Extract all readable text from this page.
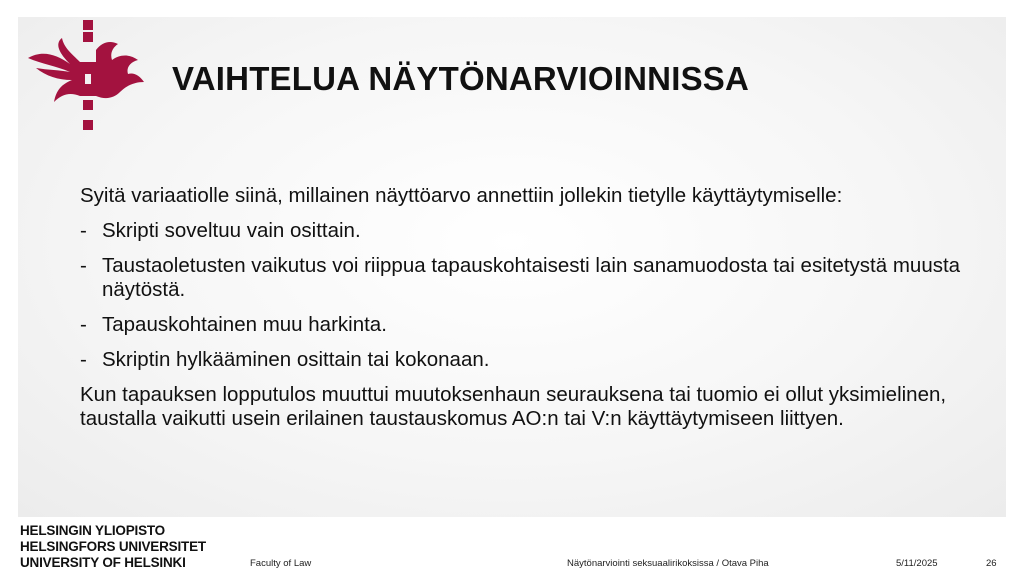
VAIHTELUA NÄYTÖNARVIOINNISSA

Syitä variaatiolle siinä, millainen näyttöarvo annettiin jollekin tietylle käyttäytymiselle:

- Skripti soveltuu vain osittain.
- Taustaoletusten vaikutus voi riippua tapauskohtaisesti lain sanamuodosta tai esitetystä muusta näytöstä.
- Tapauskohtainen muu harkinta.
- Skriptin hylkääminen osittain tai kokonaan.

Kun tapauksen lopputulos muuttui muutoksenhaun seurauksena tai tuomio ei ollut yksimielinen, taustalla vaikutti usein erilainen taustauskomus AO:n tai V:n käyttäytymiseen liittyen.

HELSINGIN YLIOPISTO
HELSINGFORS UNIVERSITET
UNIVERSITY OF HELSINKI	Faculty of Law	Näytönarviointi seksuaalirikoksissa / Otava Piha	5/11/2025	26
